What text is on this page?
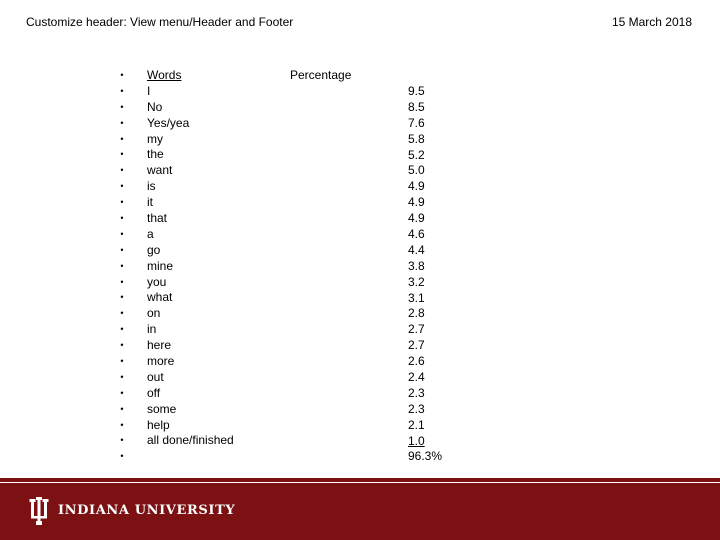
Customize header: View menu/Header and Footer	15 March 2018
•
•
•
•
•
•
•
•
•
•
•
•
•
•
•
•
•
•
•
•
•
•
•
•
•
Words
I
No
Yes/yea
my
the
want
is
it
that
a
go
mine
you
what
on
in
here
more
out
off
some
help
all done/finished
Percentage
9.5
8.5
7.6
5.8
5.2
5.0
4.9
4.9
4.9
4.6
4.4
3.8
3.2
3.1
2.8
2.7
2.7
2.6
2.4
2.3
2.3
2.1
1.0
96.3%
INDIANA UNIVERSITY
